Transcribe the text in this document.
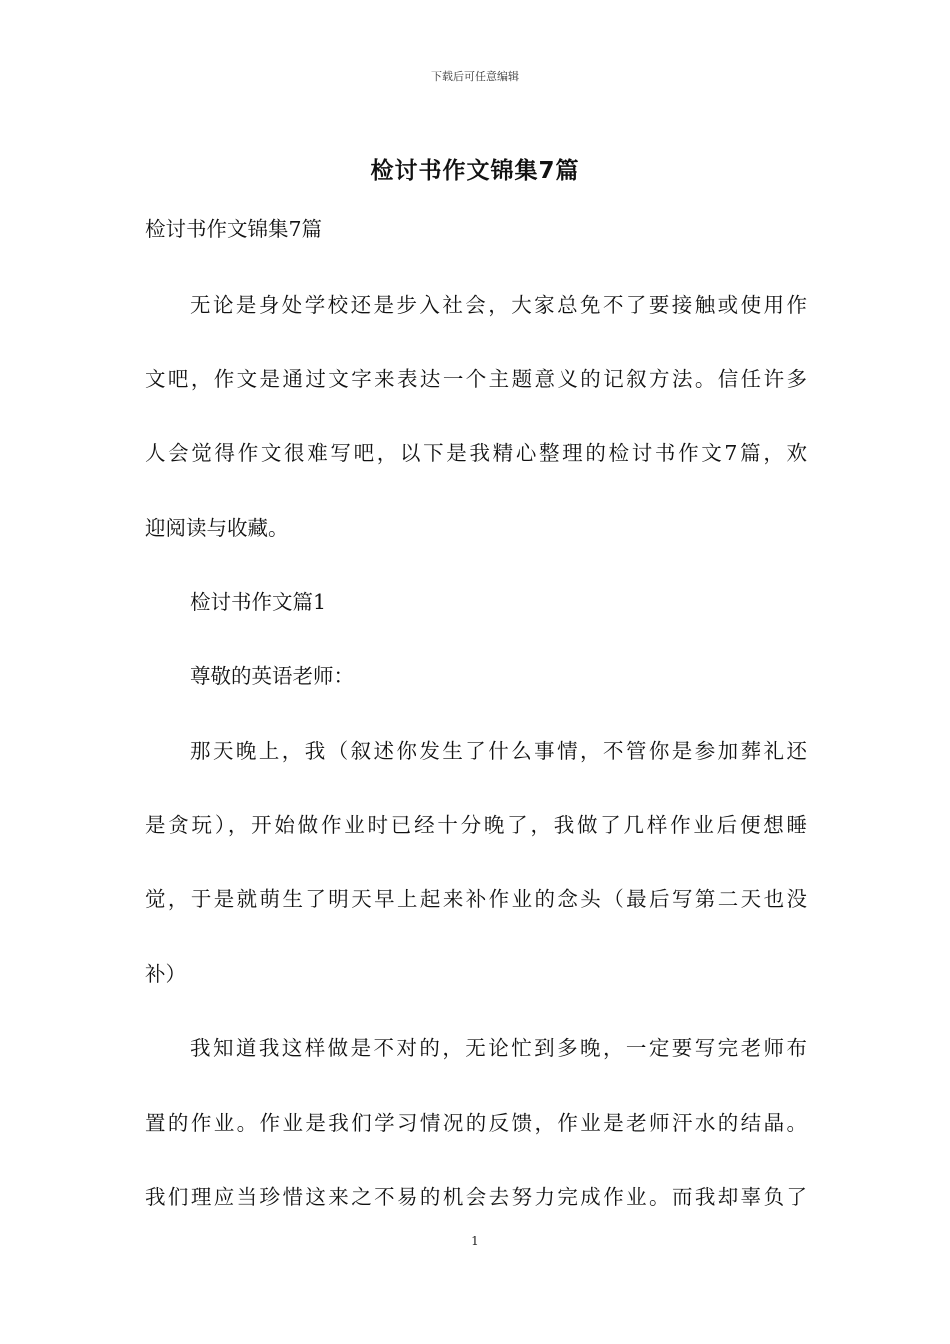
下载后可任意编辑
检讨书作文锦集7篇
检讨书作文锦集7篇
无论是身处学校还是步入社会，大家总免不了要接触或使用作
文吧，作文是通过文字来表达一个主题意义的记叙方法。信任许多
人会觉得作文很难写吧，以下是我精心整理的检讨书作文7篇，欢
迎阅读与收藏。
检讨书作文篇1
尊敬的英语老师：
那天晚上，我（叙述你发生了什么事情，不管你是参加葬礼还
是贪玩），开始做作业时已经十分晚了，我做了几样作业后便想睡
觉，于是就萌生了明天早上起来补作业的念头（最后写第二天也没
补）
我知道我这样做是不对的，无论忙到多晚，一定要写完老师布
置的作业。作业是我们学习情况的反馈，作业是老师汗水的结晶。
我们理应当珍惜这来之不易的机会去努力完成作业。而我却辜负了
1
